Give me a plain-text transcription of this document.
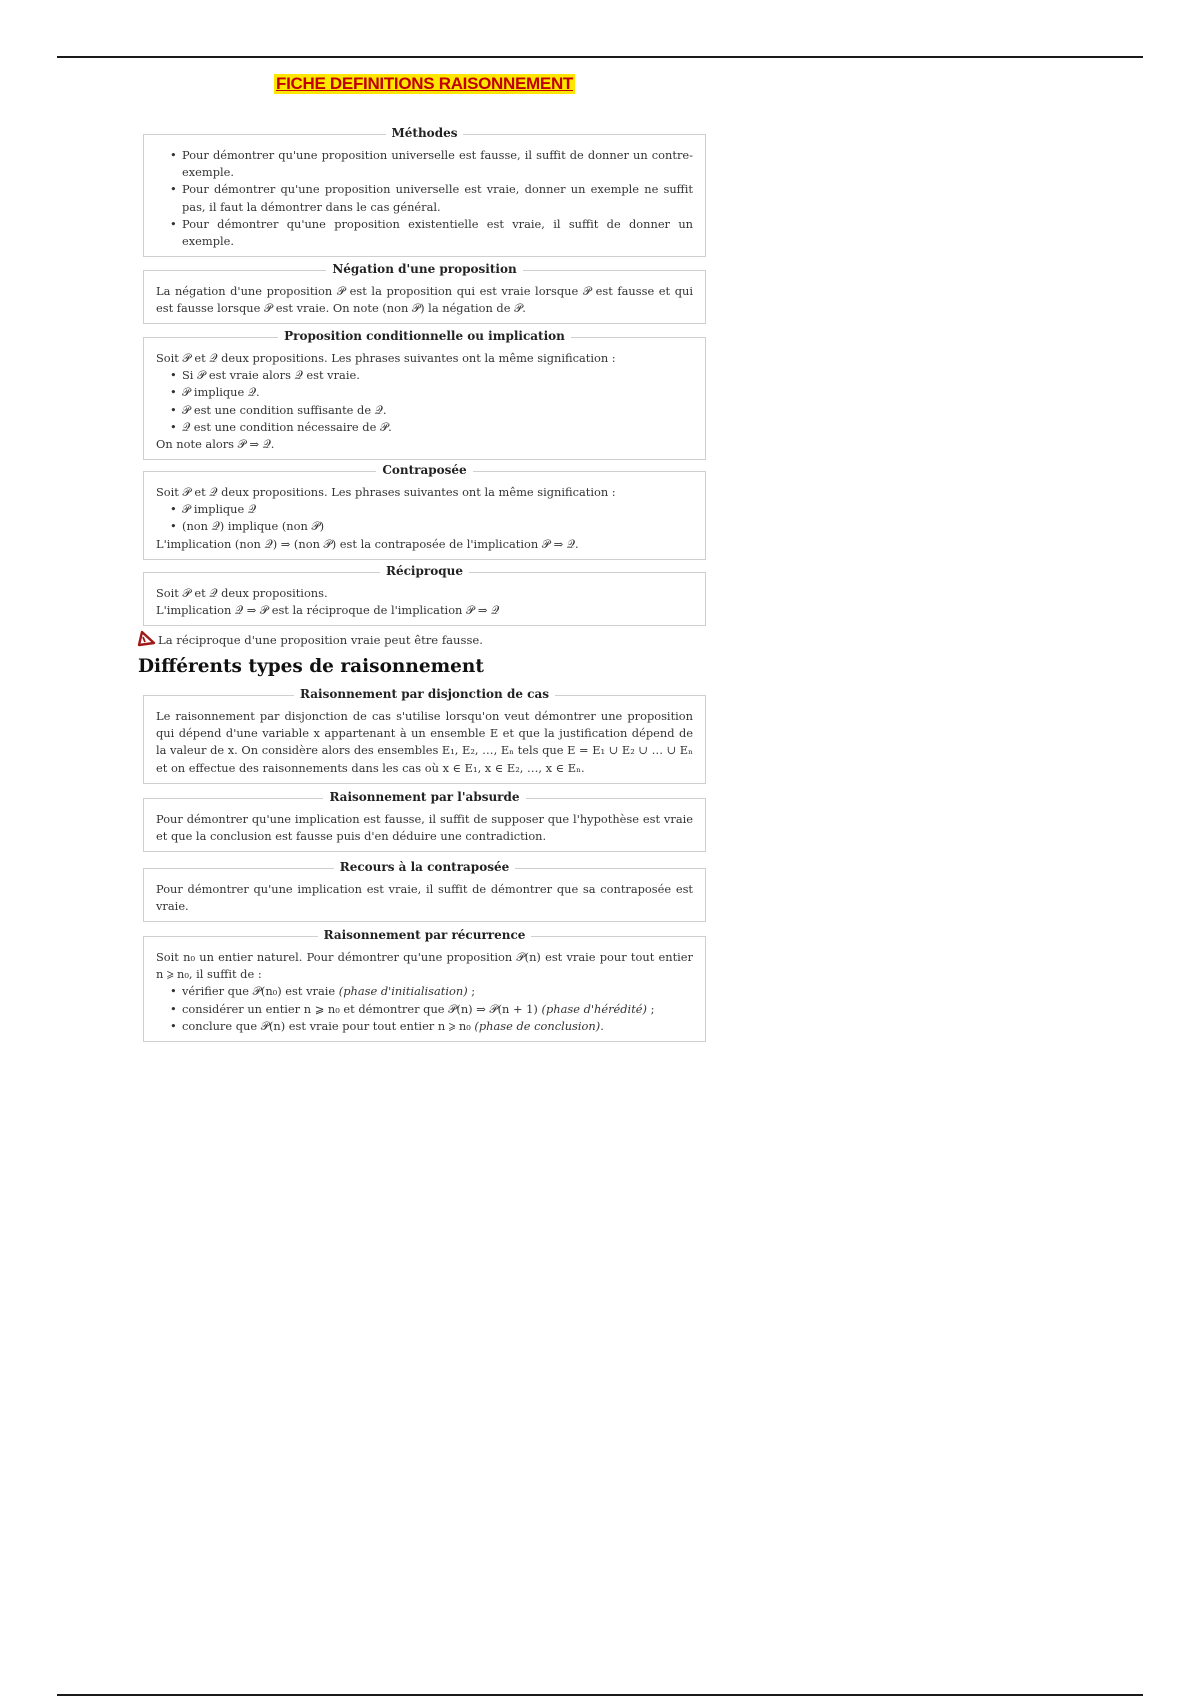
FICHE DEFINITIONS RAISONNEMENT
Méthodes
• Pour démontrer qu'une proposition universelle est fausse, il suffit de donner un contre-exemple.
• Pour démontrer qu'une proposition universelle est vraie, donner un exemple ne suffit pas, il faut la démontrer dans le cas général.
• Pour démontrer qu'une proposition existentielle est vraie, il suffit de donner un exemple.
Négation d'une proposition

La négation d'une proposition 𝒫 est la proposition qui est vraie lorsque 𝒫 est fausse et qui est fausse lorsque 𝒫 est vraie. On note (non 𝒫) la négation de 𝒫.

Proposition conditionnelle ou implication

Soit 𝒫 et 𝒬 deux propositions. Les phrases suivantes ont la même signification :

• Si 𝒫 est vraie alors 𝒬 est vraie.
• 𝒫 implique 𝒬.
• 𝒫 est une condition suffisante de 𝒬.
• 𝒬 est une condition nécessaire de 𝒫.

On note alors 𝒫 ⇒ 𝒬.

Contraposée

Soit 𝒫 et 𝒬 deux propositions. Les phrases suivantes ont la même signification :

• 𝒫 implique 𝒬
• (non 𝒬) implique (non 𝒫)

L'implication (non 𝒬) ⇒ (non 𝒫) est la contraposée de l'implication 𝒫 ⇒ 𝒬.

Réciproque

Soit 𝒫 et 𝒬 deux propositions.

L'implication 𝒬 ⇒ 𝒫 est la réciproque de l'implication 𝒫 ⇒ 𝒬

La réciproque d'une proposition vraie peut être fausse.
Différents types de raisonnement
Raisonnement par disjonction de cas

Le raisonnement par disjonction de cas s'utilise lorsqu'on veut démontrer une proposition qui dépend d'une variable x appartenant à un ensemble E et que la justification dépend de la valeur de x. On considère alors des ensembles E₁, E₂, …, Eₙ tels que E = E₁ ∪ E₂ ∪ … ∪ Eₙ et on effectue des raisonnements dans les cas où x ∈ E₁, x ∈ E₂, …, x ∈ Eₙ.

Raisonnement par l'absurde

Pour démontrer qu'une implication est fausse, il suffit de supposer que l'hypothèse est vraie et que la conclusion est fausse puis d'en déduire une contradiction.

Recours à la contraposée

Pour démontrer qu'une implication est vraie, il suffit de démontrer que sa contraposée est vraie.

Raisonnement par récurrence

Soit n₀ un entier naturel. Pour démontrer qu'une proposition 𝒫(n) est vraie pour tout entier n ⩾ n₀, il suffit de :

• vérifier que 𝒫(n₀) est vraie (phase d'initialisation) ;
• considérer un entier n ⩾ n₀ et démontrer que 𝒫(n) ⇒ 𝒫(n + 1) (phase d'hérédité) ;
• conclure que 𝒫(n) est vraie pour tout entier n ⩾ n₀ (phase de conclusion).
